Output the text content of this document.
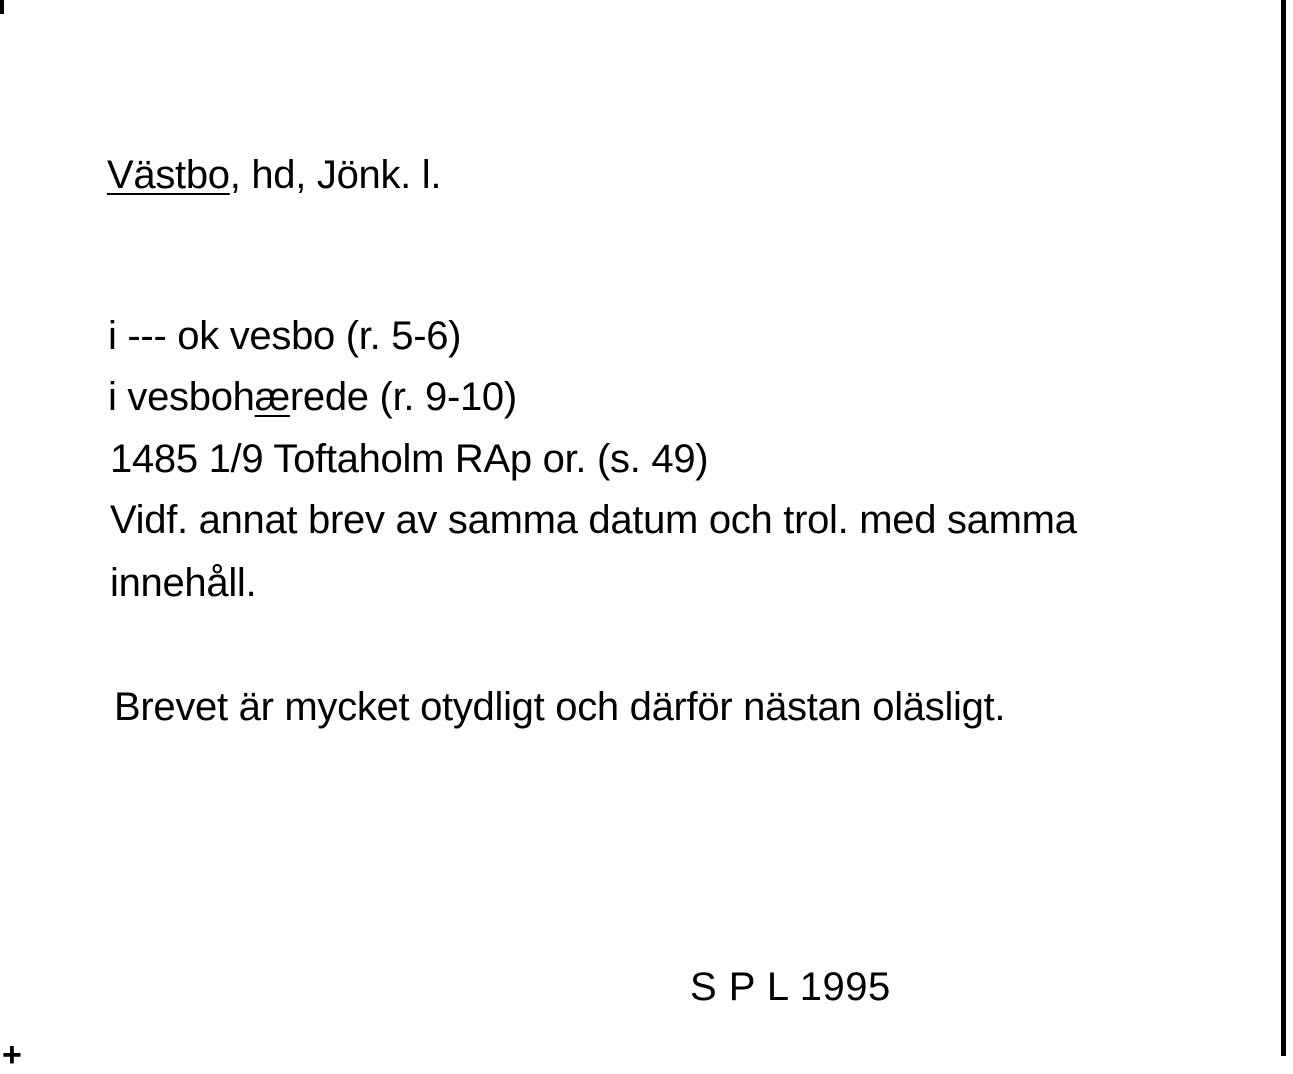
Västbo, hd, Jönk. l.
i --- ok vesbo (r. 5-6)
i vesbohærede (r. 9-10)
1485 1/9 Toftaholm RAp or. (s. 49)
Vidf. annat brev av samma datum och trol. med samma
innehåll.
Brevet är mycket otydligt och därför nästan oläsligt.
S P L 1995
+
